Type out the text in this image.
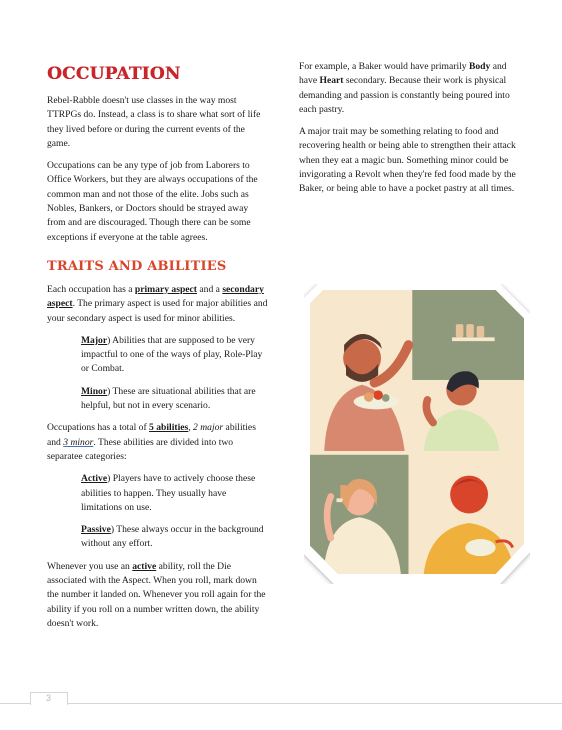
OCCUPATION

Rebel-Rabble doesn't use classes in the way most TTRPGs do. Instead, a class is to share what sort of life they lived before or during the current events of the game.

Occupations can be any type of job from Laborers to Office Workers, but they are always occupations of the common man and not those of the elite. Jobs such as Nobles, Bankers, or Doctors should be strayed away from and are discouraged. Though there can be some exceptions if everyone at the table agrees.

TRAITS AND ABILITIES

Each occupation has a primary aspect and a secondary aspect. The primary aspect is used for major abilities and your secondary aspect is used for minor abilities.

Major) Abilities that are supposed to be very impactful to one of the ways of play, Role-Play or Combat.

Minor) These are situational abilities that are helpful, but not in every scenario.

Occupations has a total of 5 abilities, 2 major abilities and 3 minor. These abilities are divided into two separatee categories:

Active) Players have to actively choose these abilities to happen. They usually have limitations on use.

Passive) These always occur in the background without any effort.

Whenever you use an active ability, roll the Die associated with the Aspect. When you roll, mark down the number it landed on. Whenever you roll again for the ability if you roll on a number written down, the ability doesn't work.

For example, a Baker would have primarily Body and have Heart secondary. Because their work is physical demanding and passion is constantly being poured into each pastry.

A major trait may be something relating to food and recovering health or being able to strengthen their attack when they eat a magic bun. Something minor could be invigorating a Revolt when they're fed food made by the Baker, or being able to have a pocket pastry at all times.

3
